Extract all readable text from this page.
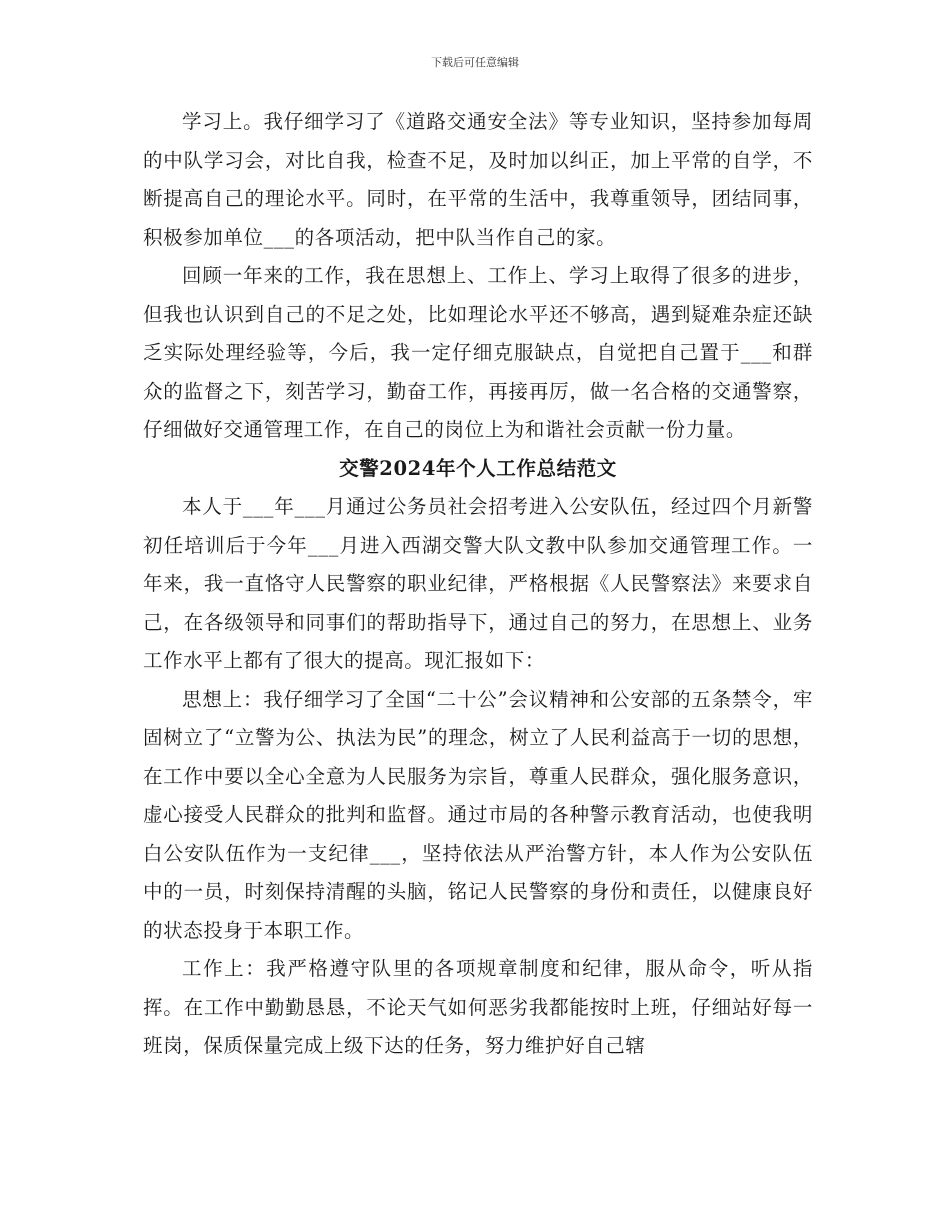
下载后可任意编辑

学习上。我仔细学习了《道路交通安全法》等专业知识，坚持参加每周的中队学习会，对比自我，检查不足，及时加以纠正，加上平常的自学，不断提高自己的理论水平。同时，在平常的生活中，我尊重领导，团结同事，积极参加单位___的各项活动，把中队当作自己的家。

回顾一年来的工作，我在思想上、工作上、学习上取得了很多的进步，但我也认识到自己的不足之处，比如理论水平还不够高，遇到疑难杂症还缺乏实际处理经验等，今后，我一定仔细克服缺点，自觉把自己置于___和群众的监督之下，刻苦学习，勤奋工作，再接再厉，做一名合格的交通警察，仔细做好交通管理工作，在自己的岗位上为和谐社会贡献一份力量。

交警2024年个人工作总结范文

本人于___年___月通过公务员社会招考进入公安队伍，经过四个月新警初任培训后于今年___月进入西湖交警大队文教中队参加交通管理工作。一年来，我一直恪守人民警察的职业纪律，严格根据《人民警察法》来要求自己，在各级领导和同事们的帮助指导下，通过自己的努力，在思想上、业务工作水平上都有了很大的提高。现汇报如下：

思想上：我仔细学习了全国“二十公”会议精神和公安部的五条禁令，牢固树立了“立警为公、执法为民”的理念，树立了人民利益高于一切的思想，在工作中要以全心全意为人民服务为宗旨，尊重人民群众，强化服务意识，虚心接受人民群众的批判和监督。通过市局的各种警示教育活动，也使我明白公安队伍作为一支纪律___，坚持依法从严治警方针，本人作为公安队伍中的一员，时刻保持清醒的头脑，铭记人民警察的身份和责任，以健康良好的状态投身于本职工作。

工作上：我严格遵守队里的各项规章制度和纪律，服从命令，听从指挥。在工作中勤勤恳恳，不论天气如何恶劣我都能按时上班，仔细站好每一班岗，保质保量完成上级下达的任务，努力维护好自己辖
